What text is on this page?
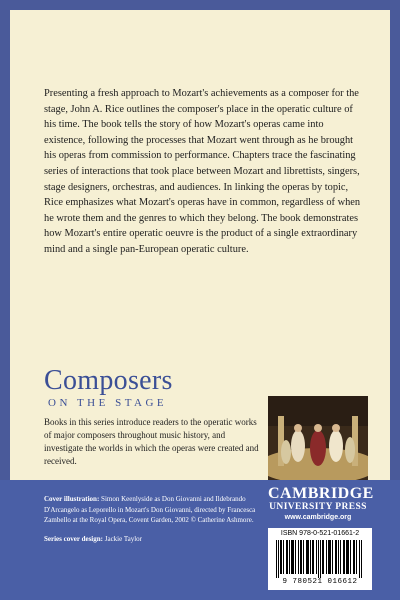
Presenting a fresh approach to Mozart's achievements as a composer for the stage, John A. Rice outlines the composer's place in the operatic culture of his time. The book tells the story of how Mozart's operas came into existence, following the processes that Mozart went through as he brought his operas from commission to performance. Chapters trace the fascinating series of interactions that took place between Mozart and librettists, singers, stage designers, orchestras, and audiences. In linking the operas by topic, Rice emphasizes what Mozart's operas have in common, regardless of when he wrote them and the genres to which they belong. The book demonstrates how Mozart's entire operatic oeuvre is the product of a single extraordinary mind and a single pan-European operatic culture.

Composers
ON THE STAGE

Books in this series introduce readers to the operatic works of major composers throughout music history, and investigate the worlds in which the operas were created and received.

Cover illustration: Simon Keenlyside as Don Giovanni and Ildebrando D'Arcangelo as Leporello in Mozart's Don Giovanni, directed by Francesca Zambello at the Royal Opera, Covent Garden, 2002 © Catherine Ashmore.

Series cover design: Jackie Taylor

CAMBRIDGE
UNIVERSITY PRESS
www.cambridge.org
ISBN 978-0-521-01661-2
9 780521 016612
